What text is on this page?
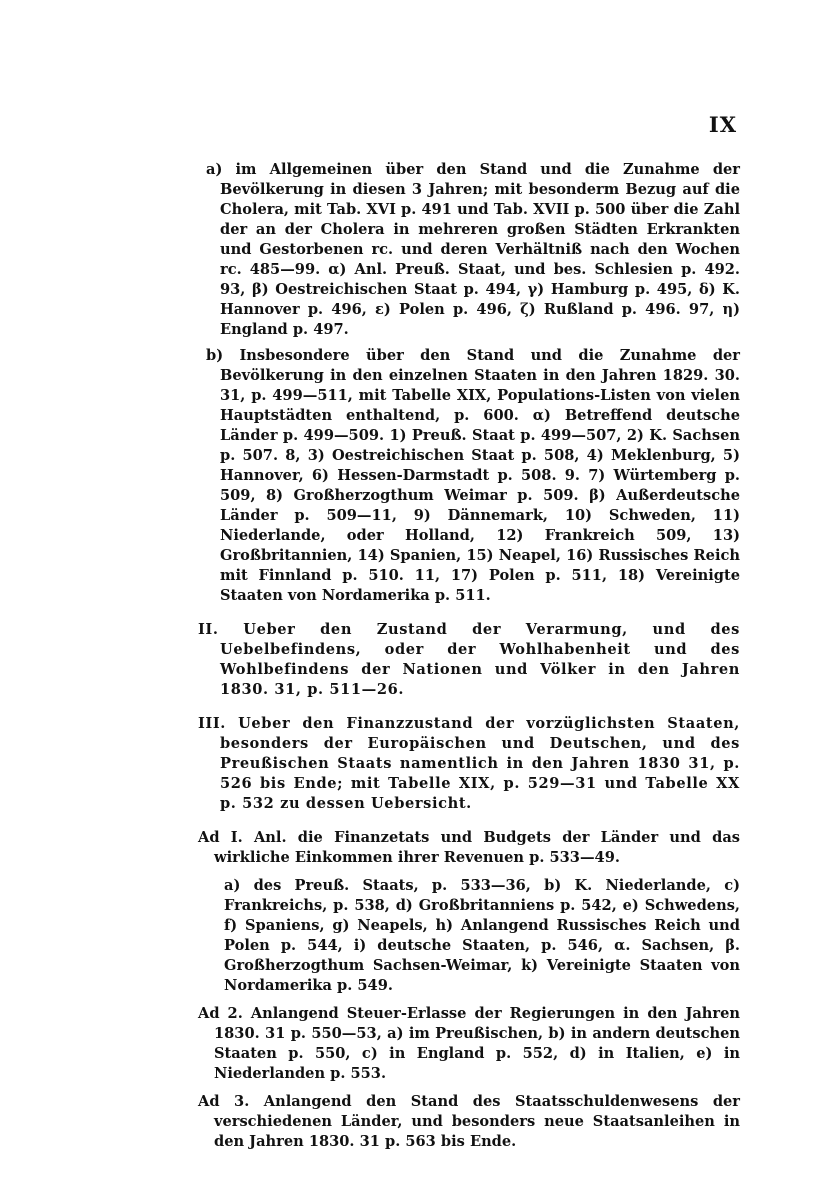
IX

a) im Allgemeinen über den Stand und die Zunahme der Bevölkerung in diesen 3 Jahren; mit besonderm Bezug auf die Cholera, mit Tab. XVI p. 491 und Tab. XVII p. 500 über die Zahl der an der Cholera in mehreren großen Städten Erkrankten und Gestorbenen rc. und deren Verhältniß nach den Wochen rc. 485—99. α) Anl. Preuß. Staat, und bes. Schlesien p. 492. 93, β) Oestreichischen Staat p. 494, γ) Hamburg p. 495, δ) K. Hannover p. 496, ε) Polen p. 496, ζ) Rußland p. 496. 97, η) England p. 497.

b) Insbesondere über den Stand und die Zunahme der Bevölkerung in den einzelnen Staaten in den Jahren 1829. 30. 31, p. 499—511, mit Tabelle XIX, Populations-Listen von vielen Hauptstädten enthaltend, p. 600. α) Betreffend deutsche Länder p. 499—509. 1) Preuß. Staat p. 499—507, 2) K. Sachsen p. 507. 8, 3) Oestreichischen Staat p. 508, 4) Meklenburg, 5) Hannover, 6) Hessen-Darmstadt p. 508. 9. 7) Würtemberg p. 509, 8) Großherzogthum Weimar p. 509. β) Außerdeutsche Länder p. 509—11, 9) Dännemark, 10) Schweden, 11) Niederlande, oder Holland, 12) Frankreich 509, 13) Großbritannien, 14) Spanien, 15) Neapel, 16) Russisches Reich mit Finnland p. 510. 11, 17) Polen p. 511, 18) Vereinigte Staaten von Nordamerika p. 511.

II. Ueber den Zustand der Verarmung, und des Uebelbefindens, oder der Wohlhabenheit und des Wohlbefindens der Nationen und Völker in den Jahren 1830. 31, p. 511—26.

III. Ueber den Finanzzustand der vorzüglichsten Staaten, besonders der Europäischen und Deutschen, und des Preußischen Staats namentlich in den Jahren 1830 31, p. 526 bis Ende; mit Tabelle XIX, p. 529—31 und Tabelle XX p. 532 zu dessen Uebersicht.

Ad I. Anl. die Finanzetats und Budgets der Länder und das wirkliche Einkommen ihrer Revenuen p. 533—49.

a) des Preuß. Staats, p. 533—36, b) K. Niederlande, c) Frankreichs, p. 538, d) Großbritanniens p. 542, e) Schwedens, f) Spaniens, g) Neapels, h) Anlangend Russisches Reich und Polen p. 544, i) deutsche Staaten, p. 546, α. Sachsen, β. Großherzogthum Sachsen-Weimar, k) Vereinigte Staaten von Nordamerika p. 549.

Ad 2. Anlangend Steuer-Erlasse der Regierungen in den Jahren 1830. 31 p. 550—53, a) im Preußischen, b) in andern deutschen Staaten p. 550, c) in England p. 552, d) in Italien, e) in Niederlanden p. 553.

Ad 3. Anlangend den Stand des Staatsschuldenwesens der verschiedenen Länder, und besonders neue Staatsanleihen in den Jahren 1830. 31 p. 563 bis Ende.
